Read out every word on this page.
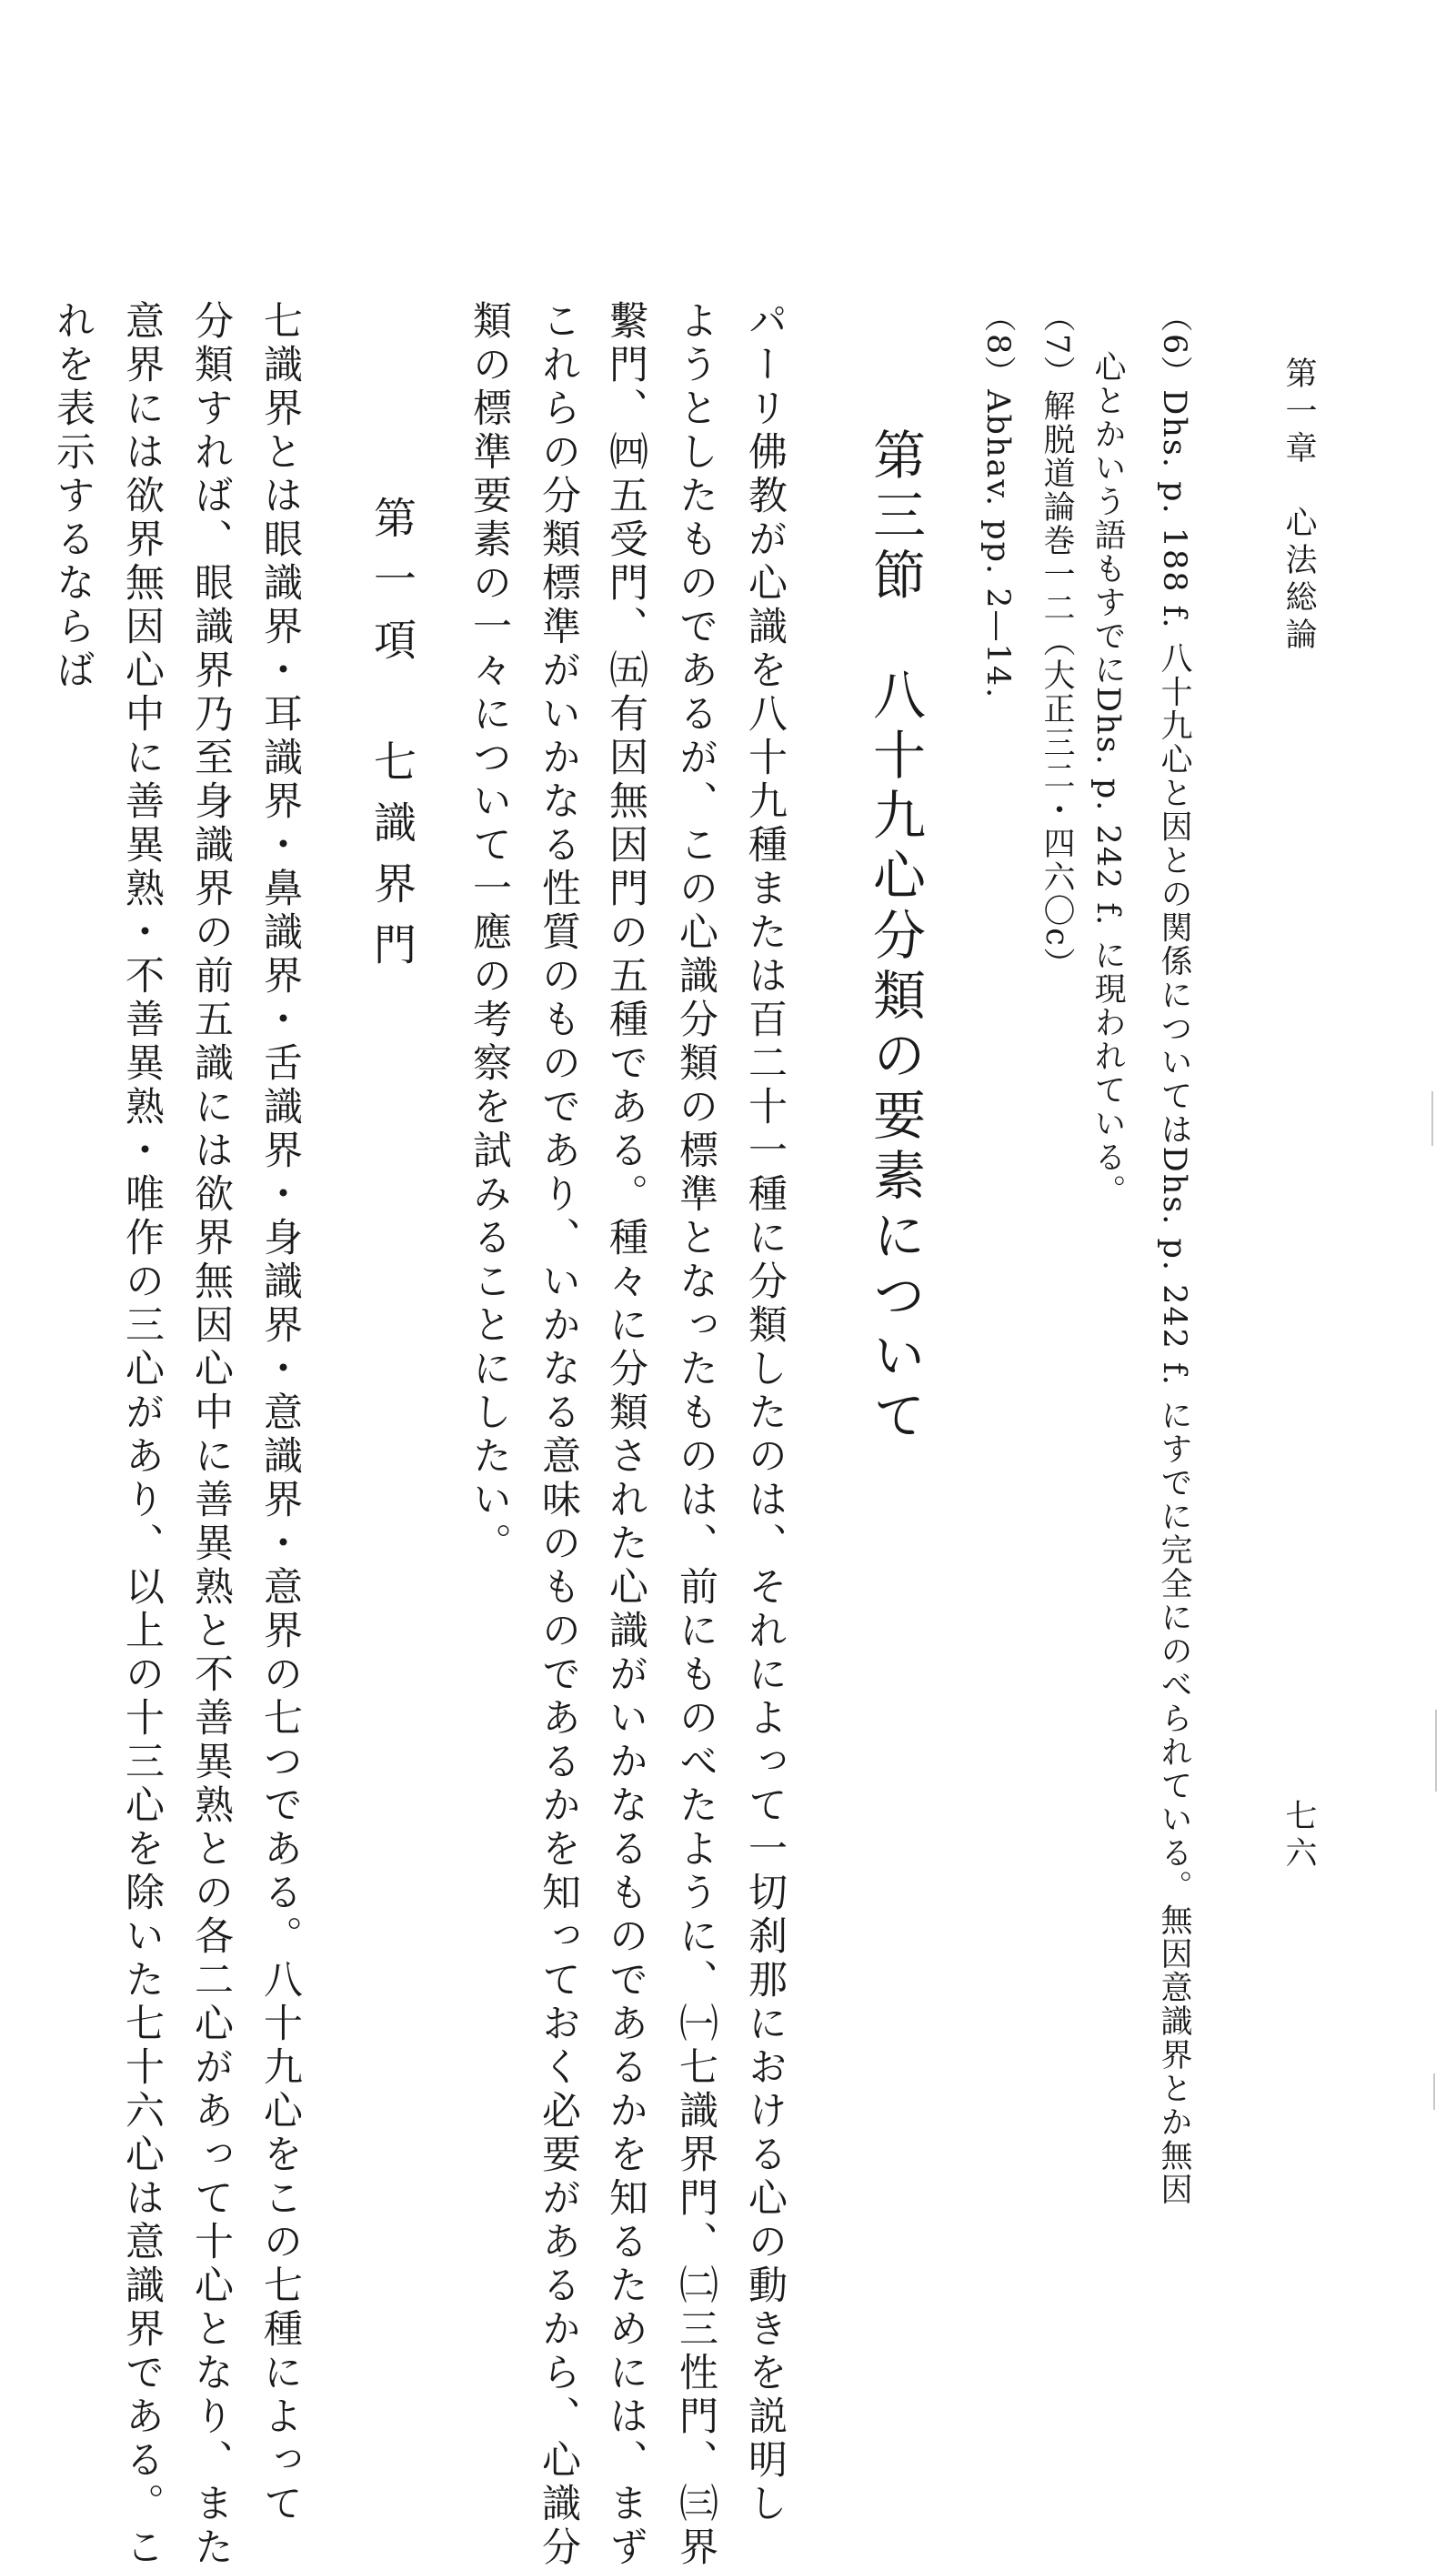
第一章　心法総論
七六
（6）Dhs. p. 188 f. 八十九心と因との関係についてはDhs. p. 242 f. にすでに完全にのべられている。無因意識界とか無因
心とかいう語もすでにDhs. p. 242 f. に現われている。
（7）解脱道論巻一二（大正三二・四六〇c）
（8）Abhav. pp. 2—14.
第三節　八十九心分類の要素について
パーリ佛教が心識を八十九種または百二十一種に分類したのは、それによって一切刹那における心の動きを説明し
ようとしたものであるが、この心識分類の標準となったものは、前にものべたように、㈠七識界門、㈡三性門、㈢界
繫門、㈣五受門、㈤有因無因門の五種である。種々に分類された心識がいかなるものであるかを知るためには、まず
これらの分類標準がいかなる性質のものであり、いかなる意味のものであるかを知っておく必要があるから、心識分
類の標準要素の一々について一應の考察を試みることにしたい。
第一項　七識界門
七識界とは眼識界・耳識界・鼻識界・舌識界・身識界・意識界・意界の七つである。八十九心をこの七種によって
分類すれば、眼識界乃至身識界の前五識には欲界無因心中に善異熟と不善異熟との各二心があって十心となり、また
意界には欲界無因心中に善異熟・不善異熟・唯作の三心があり、以上の十三心を除いた七十六心は意識界である。こ
れを表示するならば
